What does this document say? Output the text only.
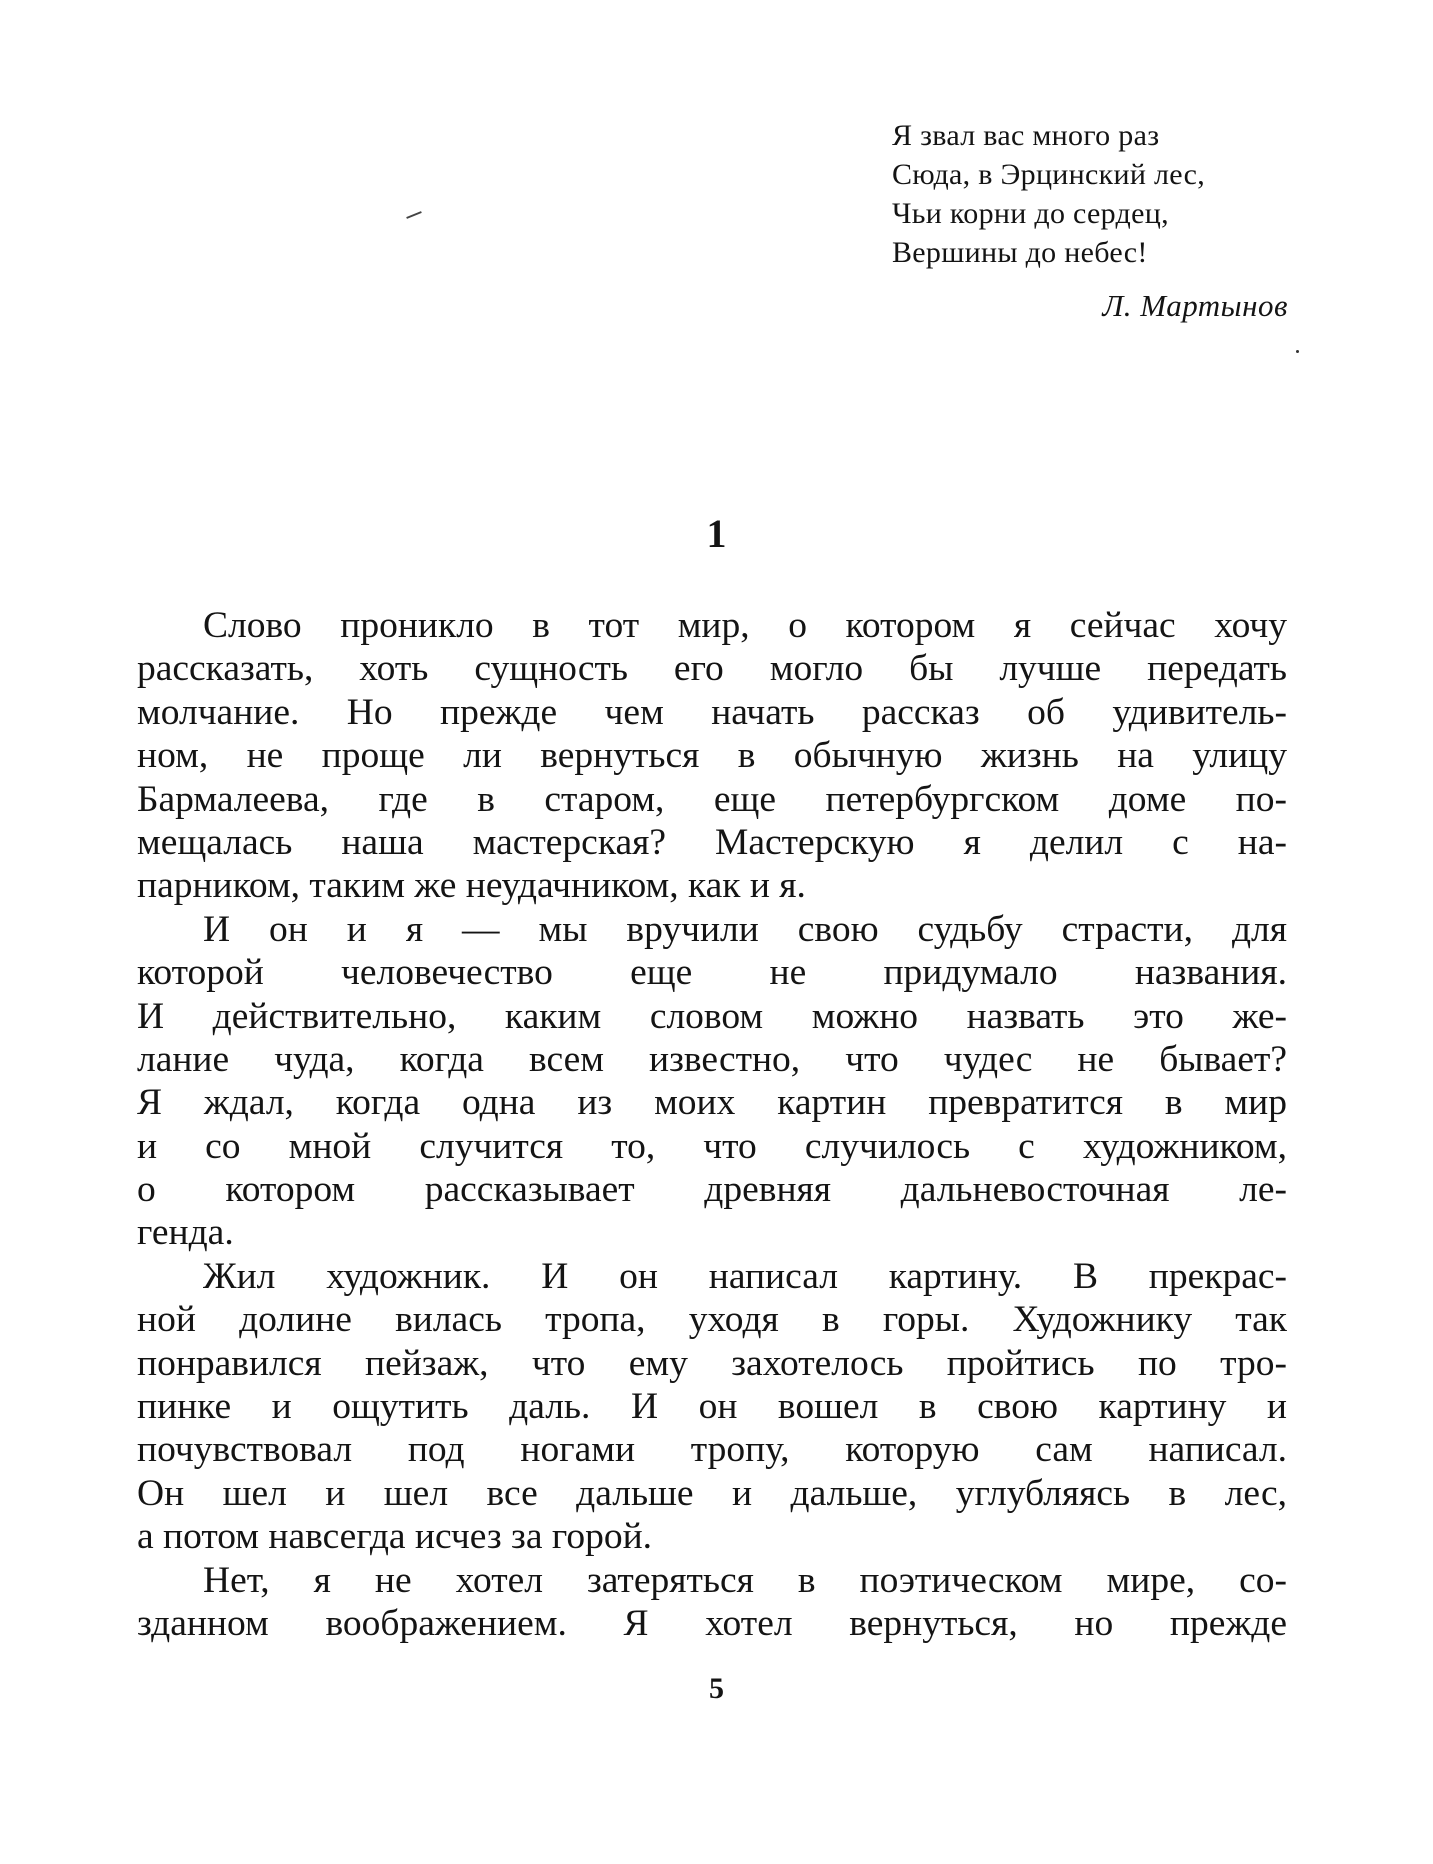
Я звал вас много раз
Сюда, в Эрцинский лес,
Чьи корни до сердец,
Вершины до небес!
Л. Мартынов
1
Слово проникло в тот мир, о котором я сейчас хочу
рассказать, хоть сущность его могло бы лучше передать
молчание. Но прежде чем начать рассказ об удивитель-
ном, не проще ли вернуться в обычную жизнь на улицу
Бармалеева, где в старом, еще петербургском доме по-
мещалась наша мастерская? Мастерскую я делил с на-
парником, таким же неудачником, как и я.
И он и я — мы вручили свою судьбу страсти, для
которой человечество еще не придумало названия.
И действительно, каким словом можно назвать это же-
лание чуда, когда всем известно, что чудес не бывает?
Я ждал, когда одна из моих картин превратится в мир
и со мной случится то, что случилось с художником,
о котором рассказывает древняя дальневосточная ле-
генда.
Жил художник. И он написал картину. В прекрас-
ной долине вилась тропа, уходя в горы. Художнику так
понравился пейзаж, что ему захотелось пройтись по тро-
пинке и ощутить даль. И он вошел в свою картину и
почувствовал под ногами тропу, которую сам написал.
Он шел и шел все дальше и дальше, углубляясь в лес,
а потом навсегда исчез за горой.
Нет, я не хотел затеряться в поэтическом мире, со-
зданном воображением. Я хотел вернуться, но прежде
5
